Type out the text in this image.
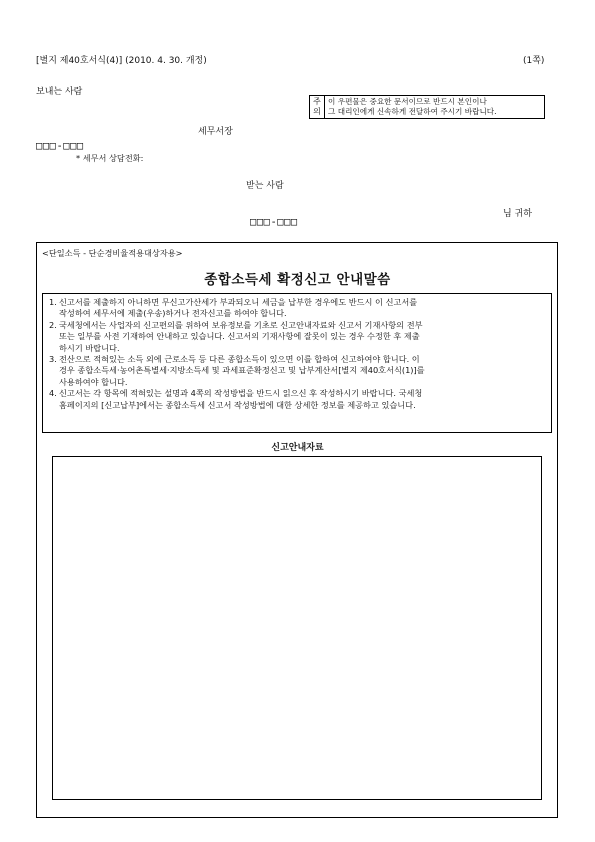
[별지 제40호서식(4)] (2010. 4. 30. 개정)	(1쪽)
보내는 사람
주
의
이 우편물은 중요한 문서이므로 반드시 본인이나
그 대리인에게 신속하게 전달하여 주시기 바랍니다.
세무서장
□□□-□□□
* 세무서 상담전화:
받는 사람
님 귀하
□□□-□□□
<단일소득 - 단순경비율적용대상자용>
종합소득세 확정신고 안내말씀
1. 신고서를 제출하지 아니하면 무신고가산세가 부과되오니 세금을 납부한 경우에도 반드시 이 신고서를
작성하여 세무서에 제출(우송)하거나 전자신고를 하여야 합니다.
2. 국세청에서는 사업자의 신고편의를 위하여 보유정보를 기초로 신고안내자료와 신고서 기재사항의 전부
또는 일부를 사전 기재하여 안내하고 있습니다. 신고서의 기재사항에 잘못이 있는 경우 수정한 후 제출
하시기 바랍니다.
3. 전산으로 적혀있는 소득 외에 근로소득 등 다른 종합소득이 있으면 이를 합하여 신고하여야 합니다. 이
경우 종합소득세·농어촌특별세·지방소득세 및 과세표준확정신고 및 납부계산서[별지 제40호서식(1)]를
사용하여야 합니다.
4. 신고서는 각 항목에 적혀있는 설명과 4쪽의 작성방법을 반드시 읽으신 후 작성하시기 바랍니다. 국세청
홈페이지의 [신고납부]에서는 종합소득세 신고서 작성방법에 대한 상세한 정보를 제공하고 있습니다.
신고안내자료
